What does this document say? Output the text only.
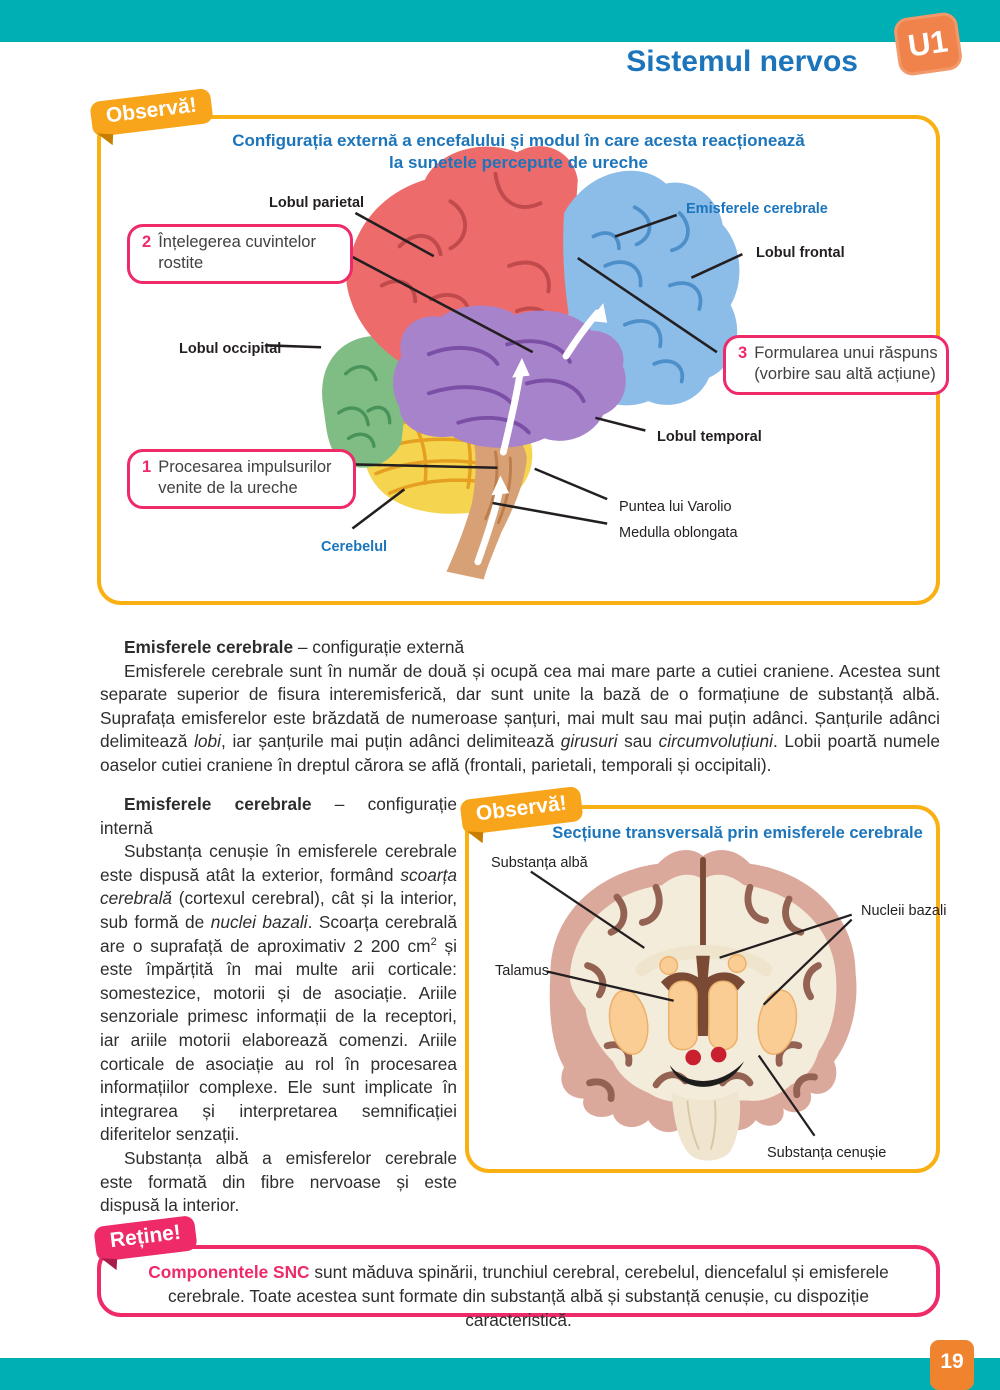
U1
Sistemul nervos
Observă!
Configurația externă a encefalului și modul în care acesta reacționează
la sunetele percepute de ureche
Lobul parietal	Emisferele cerebrale
Lobul frontal
Lobul occipital
Lobul temporal
Puntea lui Varolio
Medulla oblongata
Cerebelul
2 Înțelegerea cuvintelor rostite
3 Formularea unui răspuns (vorbire sau altă acțiune)
1 Procesarea impulsurilor venite de la ureche

Emisferele cerebrale – configurație externă

Emisferele cerebrale sunt în număr de două și ocupă cea mai mare parte a cutiei craniene. Acestea sunt separate superior de fisura interemisferică, dar sunt unite la bază de o formațiune de substanță albă. Suprafața emisferelor este brăzdată de numeroase șanțuri, mai mult sau mai puțin adânci. Șanțurile adânci delimitează lobi, iar șanțurile mai puțin adânci delimitează girusuri sau circumvoluțiuni. Lobii poartă numele oaselor cutiei craniene în dreptul cărora se află (frontali, parietali, temporali și occipitali).

Emisferele cerebrale – configurație internă

Substanța cenușie în emisferele cerebrale este dispusă atât la exterior, formând scoarța cerebrală (cortexul cerebral), cât și la interior, sub formă de nuclei bazali. Scoarța cerebrală are o suprafață de aproximativ 2 200 $cm^2$ și este împărțită în mai multe arii corticale: somestezice, motorii și de asociație. Ariile senzoriale primesc informații de la receptori, iar ariile motorii elaborează comenzi. Ariile corticale de asociație au rol în procesarea informațiilor complexe. Ele sunt implicate în integrarea și interpretarea semnificației diferitelor senzații.

Substanța albă a emisferelor cerebrale este formată din fibre nervoase și este dispusă la interior.

Observă!
Secțiune transversală prin emisferele cerebrale
Substanța albă
Nucleii bazali
Talamus
Substanța cenușie
Reține!
Componentele SNC sunt măduva spinării, trunchiul cerebral, cerebelul, diencefalul și emisferele cerebrale. Toate acestea sunt formate din substanță albă și substanță cenușie, cu dispoziție caracteristică.
19
